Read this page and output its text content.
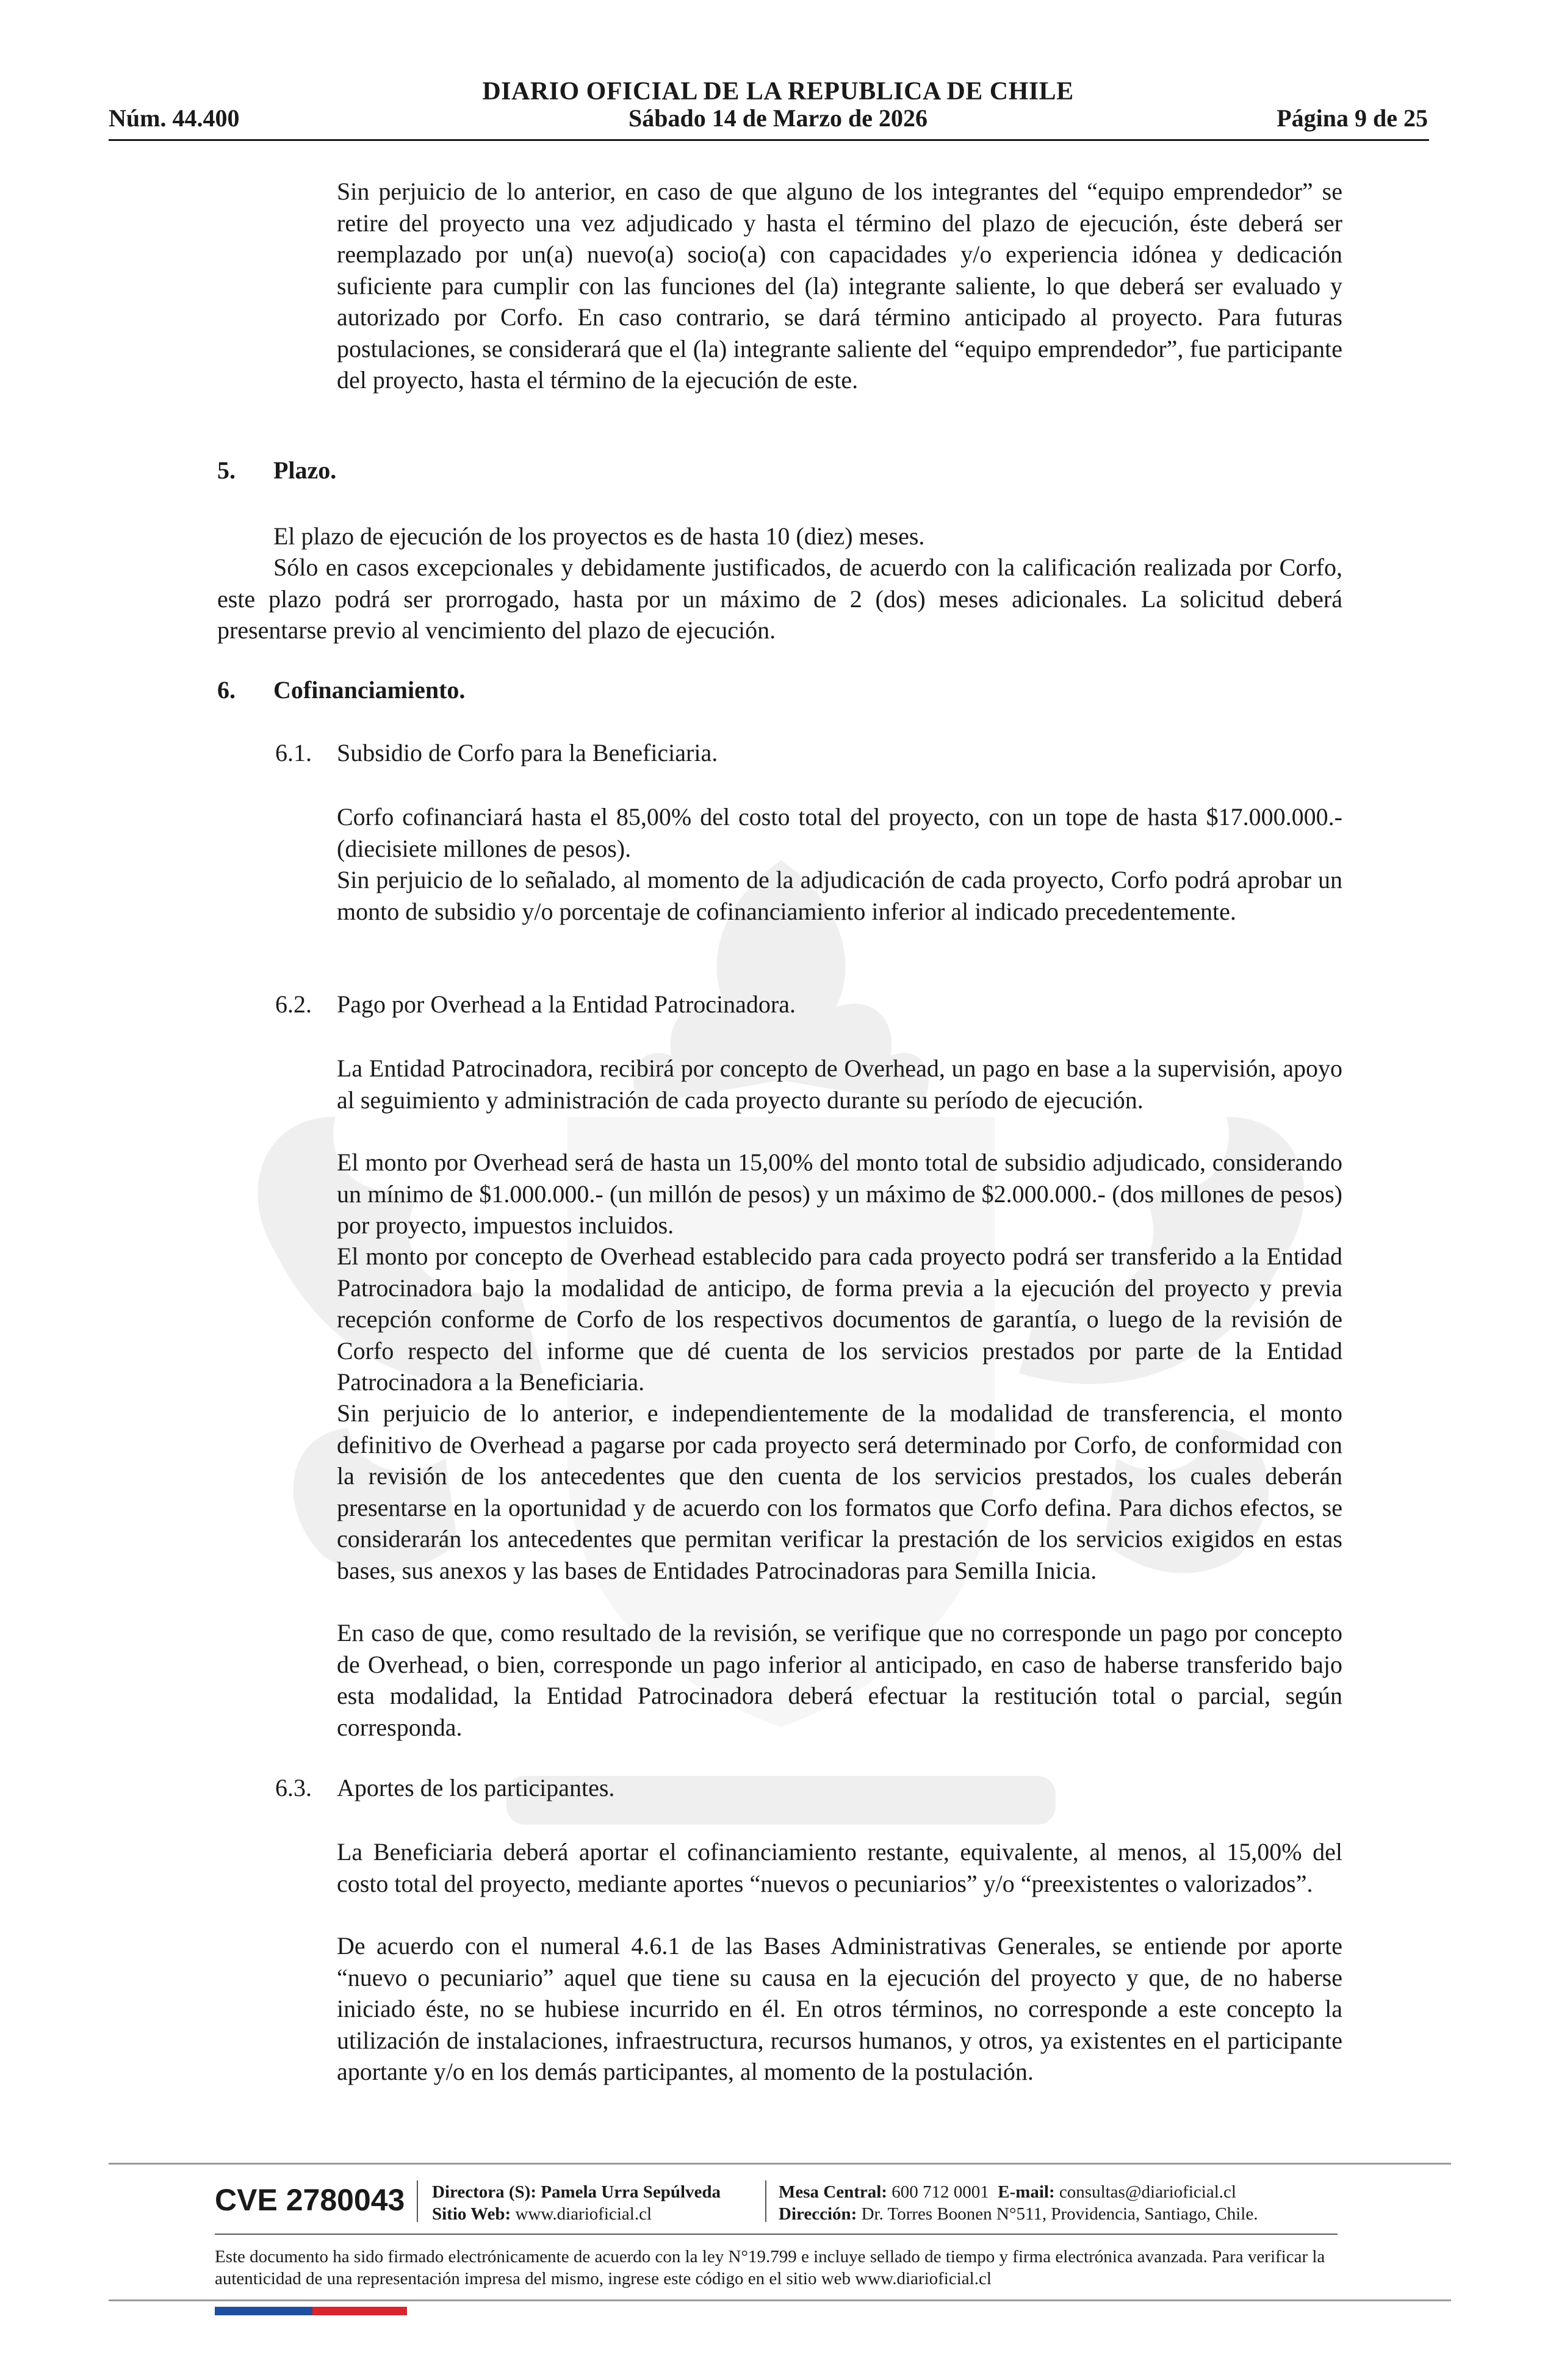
DIARIO OFICIAL DE LA REPUBLICA DE CHILE
Núm. 44.400	Sábado 14 de Marzo de 2026	Página 9 de 25

Sin perjuicio de lo anterior, en caso de que alguno de los integrantes del “equipo emprendedor” se retire del proyecto una vez adjudicado y hasta el término del plazo de ejecución, éste deberá ser reemplazado por un(a) nuevo(a) socio(a) con capacidades y/o experiencia idónea y dedicación suficiente para cumplir con las funciones del (la) integrante saliente, lo que deberá ser evaluado y autorizado por Corfo. En caso contrario, se dará término anticipado al proyecto. Para futuras postulaciones, se considerará que el (la) integrante saliente del “equipo emprendedor”, fue participante del proyecto, hasta el término de la ejecución de este.

5. Plazo.

El plazo de ejecución de los proyectos es de hasta 10 (diez) meses.

Sólo en casos excepcionales y debidamente justificados, de acuerdo con la calificación realizada por Corfo, este plazo podrá ser prorrogado, hasta por un máximo de 2 (dos) meses adicionales. La solicitud deberá presentarse previo al vencimiento del plazo de ejecución.

6. Cofinanciamiento.
6.1. Subsidio de Corfo para la Beneficiaria.

Corfo cofinanciará hasta el 85,00% del costo total del proyecto, con un tope de hasta $17.000.000.- (diecisiete millones de pesos).

Sin perjuicio de lo señalado, al momento de la adjudicación de cada proyecto, Corfo podrá aprobar un monto de subsidio y/o porcentaje de cofinanciamiento inferior al indicado precedentemente.

6.2. Pago por Overhead a la Entidad Patrocinadora.

La Entidad Patrocinadora, recibirá por concepto de Overhead, un pago en base a la supervisión, apoyo al seguimiento y administración de cada proyecto durante su período de ejecución.

El monto por Overhead será de hasta un 15,00% del monto total de subsidio adjudicado, considerando un mínimo de $1.000.000.- (un millón de pesos) y un máximo de $2.000.000.- (dos millones de pesos) por proyecto, impuestos incluidos.

El monto por concepto de Overhead establecido para cada proyecto podrá ser transferido a la Entidad Patrocinadora bajo la modalidad de anticipo, de forma previa a la ejecución del proyecto y previa recepción conforme de Corfo de los respectivos documentos de garantía, o luego de la revisión de Corfo respecto del informe que dé cuenta de los servicios prestados por parte de la Entidad Patrocinadora a la Beneficiaria.

Sin perjuicio de lo anterior, e independientemente de la modalidad de transferencia, el monto definitivo de Overhead a pagarse por cada proyecto será determinado por Corfo, de conformidad con la revisión de los antecedentes que den cuenta de los servicios prestados, los cuales deberán presentarse en la oportunidad y de acuerdo con los formatos que Corfo defina. Para dichos efectos, se considerarán los antecedentes que permitan verificar la prestación de los servicios exigidos en estas bases, sus anexos y las bases de Entidades Patrocinadoras para Semilla Inicia.

En caso de que, como resultado de la revisión, se verifique que no corresponde un pago por concepto de Overhead, o bien, corresponde un pago inferior al anticipado, en caso de haberse transferido bajo esta modalidad, la Entidad Patrocinadora deberá efectuar la restitución total o parcial, según corresponda.

6.3. Aportes de los participantes.

La Beneficiaria deberá aportar el cofinanciamiento restante, equivalente, al menos, al 15,00% del costo total del proyecto, mediante aportes “nuevos o pecuniarios” y/o “preexistentes o valorizados”.

De acuerdo con el numeral 4.6.1 de las Bases Administrativas Generales, se entiende por aporte “nuevo o pecuniario” aquel que tiene su causa en la ejecución del proyecto y que, de no haberse iniciado éste, no se hubiese incurrido en él. En otros términos, no corresponde a este concepto la utilización de instalaciones, infraestructura, recursos humanos, y otros, ya existentes en el participante aportante y/o en los demás participantes, al momento de la postulación.

CVE 2780043 Directora (S): Pamela Urra Sepúlveda
Sitio Web: www.diarioficial.cl
Mesa Central: 600 712 0001 E-mail: consultas@diarioficial.cl
Dirección: Dr. Torres Boonen N°511, Providencia, Santiago, Chile.
Este documento ha sido firmado electrónicamente de acuerdo con la ley N°19.799 e incluye sellado de tiempo y firma electrónica avanzada. Para verificar la autenticidad de una representación impresa del mismo, ingrese este código en el sitio web www.diarioficial.cl
